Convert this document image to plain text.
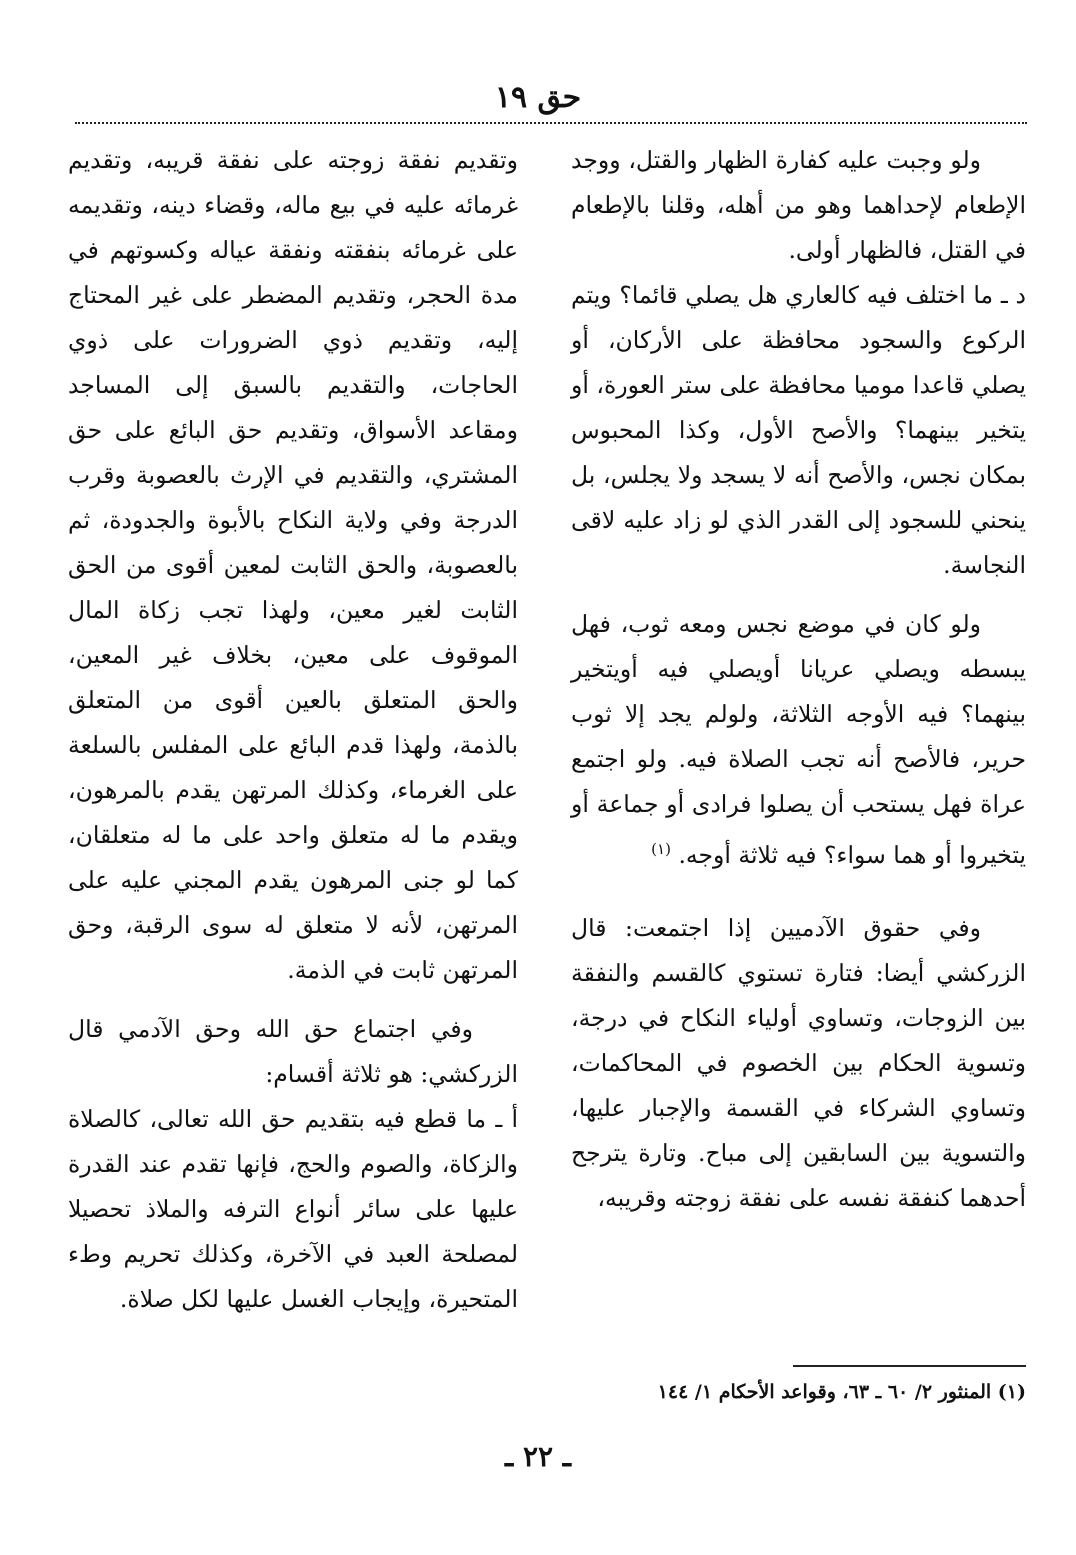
حق ١٩

ولو وجبت عليه كفارة الظهار والقتل، ووجد الإطعام لإحداهما وهو من أهله، وقلنا بالإطعام في القتل، فالظهار أولى.

د ـ ما اختلف فيه كالعاري هل يصلي قائما؟ ويتم الركوع والسجود محافظة على الأركان، أو يصلي قاعدا موميا محافظة على ستر العورة، أو يتخير بينهما؟ والأصح الأول، وكذا المحبوس بمكان نجس، والأصح أنه لا يسجد ولا يجلس، بل ينحني للسجود إلى القدر الذي لو زاد عليه لاقى النجاسة.

ولو كان في موضع نجس ومعه ثوب، فهل يبسطه ويصلي عريانا أويصلي فيه أويتخير بينهما؟ فيه الأوجه الثلاثة، ولولم يجد إلا ثوب حرير، فالأصح أنه تجب الصلاة فيه. ولو اجتمع عراة فهل يستحب أن يصلوا فرادى أو جماعة أو يتخيروا أو هما سواء؟ فيه ثلاثة أوجه. $^{(١)}$

وفي حقوق الآدميين إذا اجتمعت: قال الزركشي أيضا: فتارة تستوي كالقسم والنفقة بين الزوجات، وتساوي أولياء النكاح في درجة، وتسوية الحكام بين الخصوم في المحاكمات، وتساوي الشركاء في القسمة والإجبار عليها، والتسوية بين السابقين إلى مباح. وتارة يترجح أحدهما كنفقة نفسه على نفقة زوجته وقريبه،

وتقديم نفقة زوجته على نفقة قريبه، وتقديم غرمائه عليه في بيع ماله، وقضاء دينه، وتقديمه على غرمائه بنفقته ونفقة عياله وكسوتهم في مدة الحجر، وتقديم المضطر على غير المحتاج إليه، وتقديم ذوي الضرورات على ذوي الحاجات، والتقديم بالسبق إلى المساجد ومقاعد الأسواق، وتقديم حق البائع على حق المشتري، والتقديم في الإرث بالعصوبة وقرب الدرجة وفي ولاية النكاح بالأبوة والجدودة، ثم بالعصوبة، والحق الثابت لمعين أقوى من الحق الثابت لغير معين، ولهذا تجب زكاة المال الموقوف على معين، بخلاف غير المعين، والحق المتعلق بالعين أقوى من المتعلق بالذمة، ولهذا قدم البائع على المفلس بالسلعة على الغرماء، وكذلك المرتهن يقدم بالمرهون، ويقدم ما له متعلق واحد على ما له متعلقان، كما لو جنى المرهون يقدم المجني عليه على المرتهن، لأنه لا متعلق له سوى الرقبة، وحق المرتهن ثابت في الذمة.

وفي اجتماع حق الله وحق الآدمي قال الزركشي: هو ثلاثة أقسام:

أ ـ ما قطع فيه بتقديم حق الله تعالى، كالصلاة والزكاة، والصوم والحج، فإنها تقدم عند القدرة عليها على سائر أنواع الترفه والملاذ تحصيلا لمصلحة العبد في الآخرة، وكذلك تحريم وطء المتحيرة، وإيجاب الغسل عليها لكل صلاة.

(١) المنثور ٢/ ٦٠ ـ ٦٣، وقواعد الأحكام ١/ ١٤٤
ـ ٢٢ ـ
